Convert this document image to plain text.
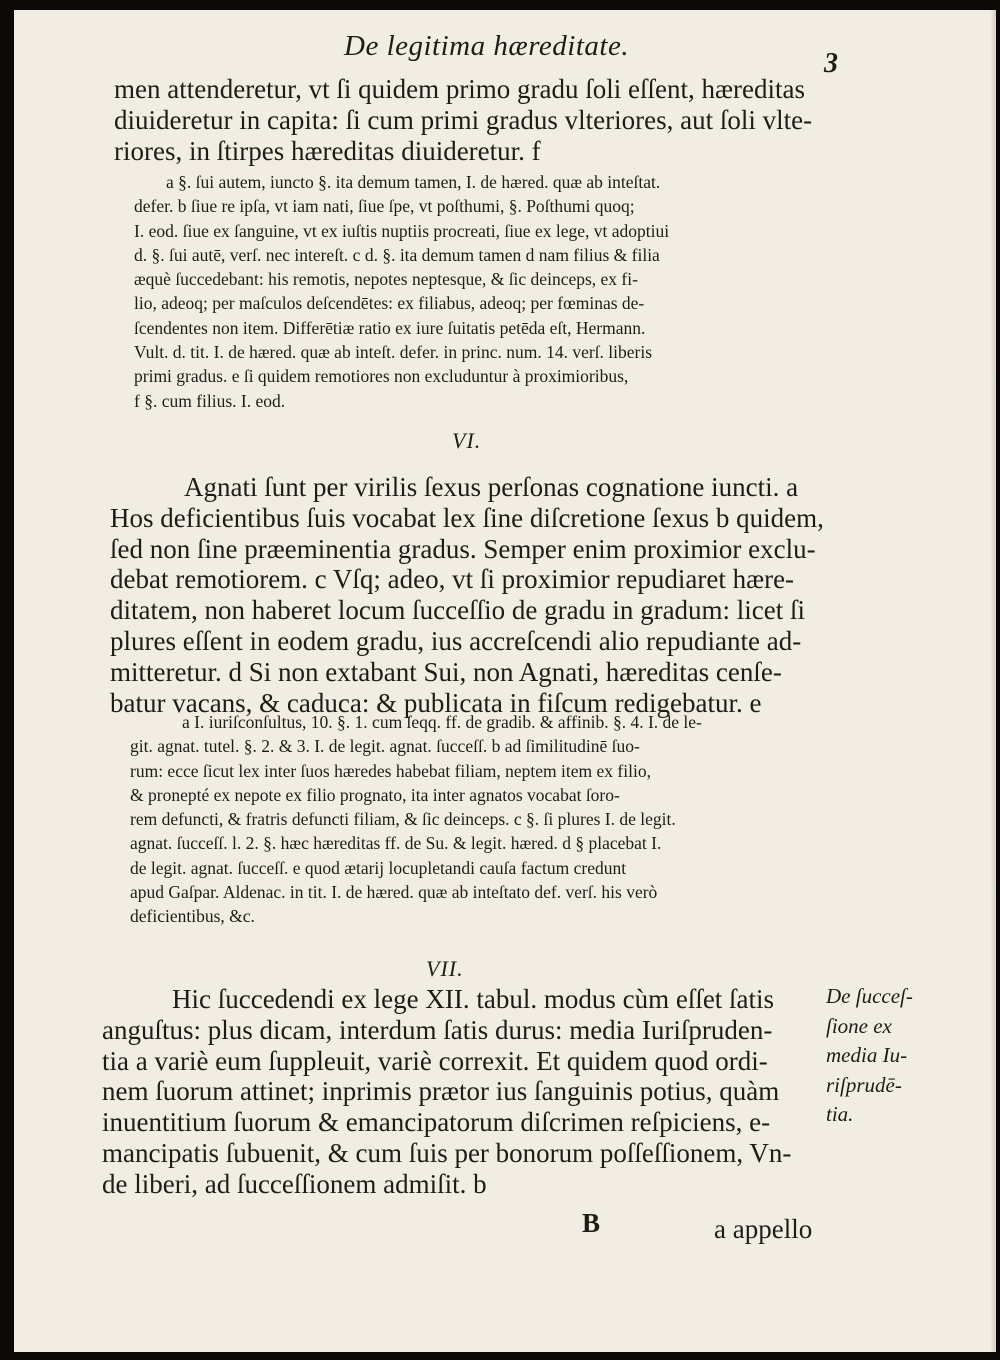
De legitima hæreditate.
3
men attenderetur, vt ſi quidem primo gradu ſoli eſſent, hæreditas
diuideretur in capita: ſi cum primi gradus vlteriores, aut ſoli vlte-
riores, in ſtirpes hæreditas diuideretur. f
a §. ſui autem, iuncto §. ita demum tamen, I. de hæred. quæ ab inteſtat.
defer. b ſiue re ipſa, vt iam nati, ſiue ſpe, vt poſthumi, §. Poſthumi quoq;
I. eod. ſiue ex ſanguine, vt ex iuſtis nuptiis procreati, ſiue ex lege, vt adoptiui
d. §. ſui autē, verſ. nec intereſt. c d. §. ita demum tamen d nam filius & filia
æquè ſuccedebant: his remotis, nepotes neptesque, & ſic deinceps, ex fi-
lio, adeoq; per maſculos deſcendētes: ex filiabus, adeoq; per fœminas de-
ſcendentes non item. Differētiæ ratio ex iure ſuitatis petēda eſt, Hermann.
Vult. d. tit. I. de hæred. quæ ab inteſt. defer. in princ. num. 14. verſ. liberis
primi gradus. e ſi quidem remotiores non excluduntur à proximioribus,
f §. cum filius. I. eod.
VI.
Agnati ſunt per virilis ſexus perſonas cognatione iuncti. a
Hos deficientibus ſuis vocabat lex ſine diſcretione ſexus b quidem,
ſed non ſine præeminentia gradus. Semper enim proximior exclu-
debat remotiorem. c Vſq; adeo, vt ſi proximior repudiaret hære-
ditatem, non haberet locum ſucceſſio de gradu in gradum: licet ſi
plures eſſent in eodem gradu, ius accreſcendi alio repudiante ad-
mitteretur. d Si non extabant Sui, non Agnati, hæreditas cenſe-
batur vacans, & caduca: & publicata in fiſcum redigebatur. e
a I. iuriſconſultus, 10. §. 1. cum ſeqq. ff. de gradib. & affinib. §. 4. I. de le-
git. agnat. tutel. §. 2. & 3. I. de legit. agnat. ſucceſſ. b ad ſimilitudinē ſuo-
rum: ecce ſicut lex inter ſuos hæredes habebat filiam, neptem item ex filio,
& pronepté ex nepote ex filio prognato, ita inter agnatos vocabat ſoro-
rem defuncti, & fratris defuncti filiam, & ſic deinceps. c §. ſi plures I. de legit.
agnat. ſucceſſ. l. 2. §. hæc hæreditas ff. de Su. & legit. hæred. d § placebat I.
de legit. agnat. ſucceſſ. e quod ætarij locupletandi cauſa factum credunt
apud Gaſpar. Aldenac. in tit. I. de hæred. quæ ab inteſtato def. verſ. his verò
deficientibus, &c.
VII.
Hic ſuccedendi ex lege XII. tabul. modus cùm eſſet ſatis
anguſtus: plus dicam, interdum ſatis durus: media Iuriſpruden-
tia a variè eum ſuppleuit, variè correxit. Et quidem quod ordi-
nem ſuorum attinet; inprimis prætor ius ſanguinis potius, quàm
inuentitium ſuorum & emancipatorum diſcrimen reſpiciens, e-
mancipatis ſubuenit, & cum ſuis per bonorum poſſeſſionem, Vn-
de liberi, ad ſucceſſionem admiſit. b
De ſucceſ-
ſione ex
media Iu-
riſprudē-
tia.
B	a appello
